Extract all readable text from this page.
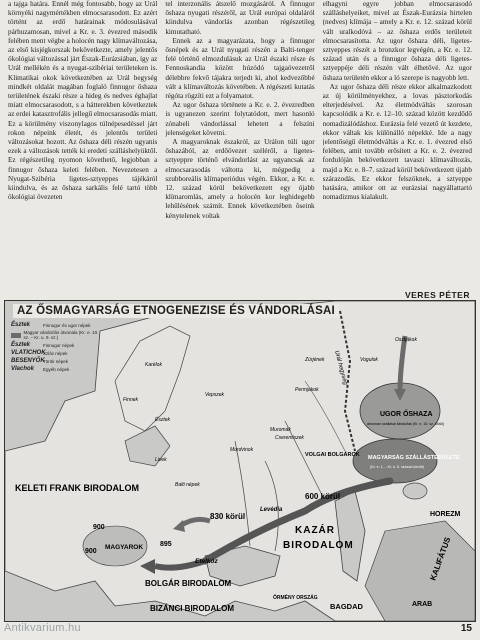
a tajga határa. Ennél még fontosabb, hogy az Urál környéki nagymértékben elmocsarasodott. Ez azért történt az erdő határainak módosulásával párhuzamosan, mivel a Kr. e. 3. évezred második felében ment végbe a holocén nagy klímaváltozása, az első kisjégkorszak bekövetkezte, amely jelentős ökológiai változással járt Észak-Eurázsiában, így az Urál mellékén és a nyugat-szibériai területeken is. Klimatikai okok következtében az Urál begység mindkét oldalát magában foglaló finnugor őshaza területének északi része a hideg és nedves éghajlat miatt elmocsarasodott, s a hátterekben következtek az erdei katasztrofális jellegű elmocsarasodás miatt. Ez a körülmény viszonylagos túlnépesedéssel járt rokon népeink életét, és jelentős területi változásokat hozott. Az őshaza déli részén ugyanis ezek a változások tették ki eredeti szálláshelyüktől. Ez régészetileg nyomon követhető, legjobban a finnugor őshaza keleti felében. Nevezetesen a Nyugat-Szibéria ligetes-sztyeppes tájékáról kiindulva, és az őshaza sarkális felé tartó több ökológiai övezeten

tel interzonális átszelő mozgásáról. A finnugor őshaza nyugati részéről, az Urál európai oldaláról kiindulva vándorlás azonban régészetileg kimutatható.

Ennek az a magyarázata, hogy a finnugor ősnépek és az Urál nyugati részén a Balti-tenger felé történő elmozdulásuk az Urál északi része és Fennoskandia között húzódó tajgaövezetről délebbre fekvő tájakra terjedt ki, ahol kedvezőbbé vált a klímaváltozás követében. A régészeti kutatás régóta rögzíti ezt a folyamatot.

Az ugor őshaza története a Kr. e. 2. évezredben is ugyanezen szerint folytatódott, mert hasonló zónabeli vándorlással lehetett a felszíni jelenségeket követni.

A magyaroknak északról, az Urálon túli ugor őshazából, az erdőövezet széléről, a ligetes-sztyeppre történő elvándorlást az ugyancsak az elmocsarasodás váltotta ki, mégpedig a szubboreális klímaperiódus végén. Ekkor, a Kr. e. 12. század körül bekövetkezett egy újabb klímaromlás, amely a holocén kor leghidegebb lehűlésének számít. Ennek következtében õseink kénytelenek voltak

elhagyni egyre jobban elmocsarasodó szálláshelyeiket, mivel az Észak-Eurázsia hirtelen (nedves) klímája – amely a Kr. e. 12. század körül vált uralkodóvá – az őshaza erdős területeit elmocsarasította. Az ugor őshaza déli, ligetes-sztyeppes részét a bronzkor legvégén, a Kr. e. 12. század után és a finnugor őshaza déli ligetes-sztyeppéje déli részén vált élhetővé. Az ugor őshaza területén ekkor a ló szerepe is nagyobb lett.

Az ugor őshaza déli része ekkor alkalmazkodott az új körülményekhez, a lovas pásztorkodás elterjedésével. Az életmódváltás szorosan kapcsolódik a Kr. e. 12–10. század között kezdődő nomadizálódáshoz. Eurázsia felé vezető út kezdete, ekkor váltak kis különálló népekké. Ide a nagy jelentőségű életmódváltás a Kr. e. 1. évezred első felében, amit tovább erősített a Kr. e. 2. évezred fordulóján bekövetkezett tavaszi klímaváltozás, majd a Kr. e. 8–7. század körül bekövetkezett újabb szárazodás. Ez ekkor felszöknek, a sztyeppe hatására, amikor ott az eurázsiai nagyállattartó nomadizmus kialakult.

VERES PÉTER
AZ ŐSMAGYARSÁG ETNOGENEZISE ÉS VÁNDORLÁSAI
Észtek	Finnugor és ugor népek
Magyar vándorlás útvonala (Kr. e. 10. sz. – Kr. u. 9. sz.)
Észtek	Finnugor népek
VLATICHOK
Szláv népek
BESENYŐK
Török népek
Vlachok	Egyéb népek
UGOR ŐSHAZA
ahonnan szállásai kiindultak (Kr. e. 10. sz. körül)
MAGYARSÁG SZÁLLÁSTERÜLETE
(Kr. e. 1. – Kr. u. 5. század között)
KAZÁR
BIRODALOM
BOLGÁR BIRODALOM
BIZÁNCI BIRODALOM
KELETI FRANK BIRODALOM
HOREZM
BAGDAD
ÖRMÉNY ORSZÁG
KALIFÁTUS
ARAB
VOLGAI BOLGÁROK
Urál hegység
Karélok
Vepszek
Finnek
Észtek
Livek
Balti népek
Muromák
Mordvinok
Cseremiszek
Zürjének	Vogulok
Osztjákok
Permjakok
600 körül
830 körül
895
900
900
Etelköz
Levédia
MAGYAROK
Antikvarium.hu	15
